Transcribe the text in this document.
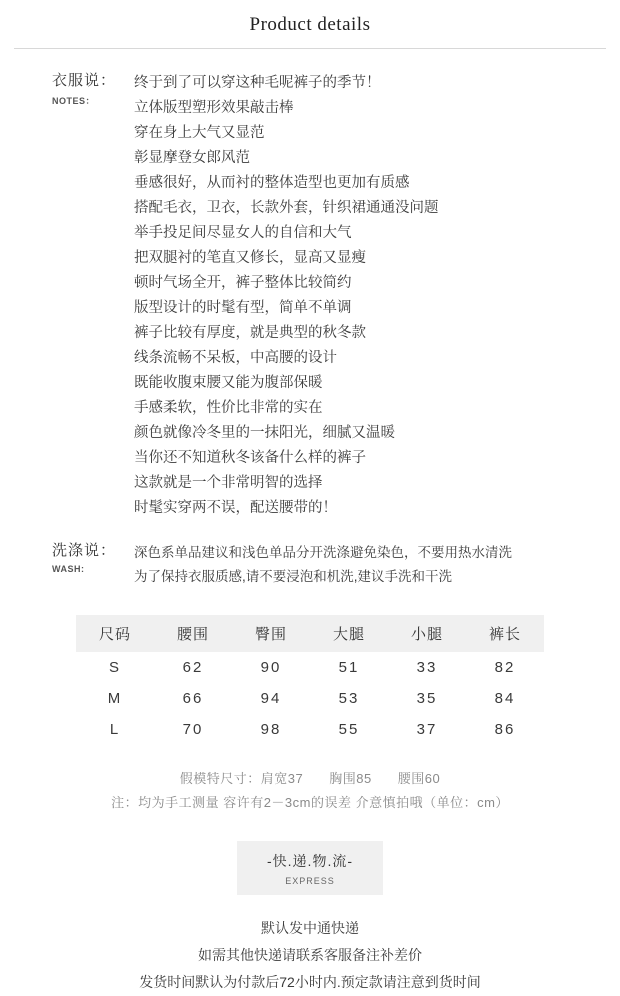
Product details
衣服说：
NOTES：
终于到了可以穿这种毛呢裤子的季节！
立体版型塑形效果敲击棒
穿在身上大气又显范
彰显摩登女郎风范
垂感很好，从而衬的整体造型也更加有质感
搭配毛衣，卫衣，长款外套，针织裙通通没问题
举手投足间尽显女人的自信和大气
把双腿衬的笔直又修长，显高又显瘦
顿时气场全开，裤子整体比较简约
版型设计的时髦有型，简单不单调
裤子比较有厚度，就是典型的秋冬款
线条流畅不呆板，中高腰的设计
既能收腹束腰又能为腹部保暖
手感柔软，性价比非常的实在
颜色就像冷冬里的一抹阳光，细腻又温暖
当你还不知道秋冬该备什么样的裤子
这款就是一个非常明智的选择
时髦实穿两不误，配送腰带的！
洗涤说：
WASH:
深色系单品建议和浅色单品分开洗涤避免染色，不要用热水清洗
为了保持衣服质感,请不要浸泡和机洗,建议手洗和干洗
尺码	腰围	臀围	大腿	小腿	裤长
S	62	90	51	33	82
M	66	94	53	35	84
L	70	98	55	37	86
假模特尺寸：肩宽37 胸围85 腰围60
注：均为手工测量 容许有2－3cm的误差 介意慎拍哦（单位：cm）
-快.递.物.流-
EXPRESS
默认发中通快递
如需其他快递请联系客服备注补差价
发货时间默认为付款后72小时内.预定款请注意到货时间
